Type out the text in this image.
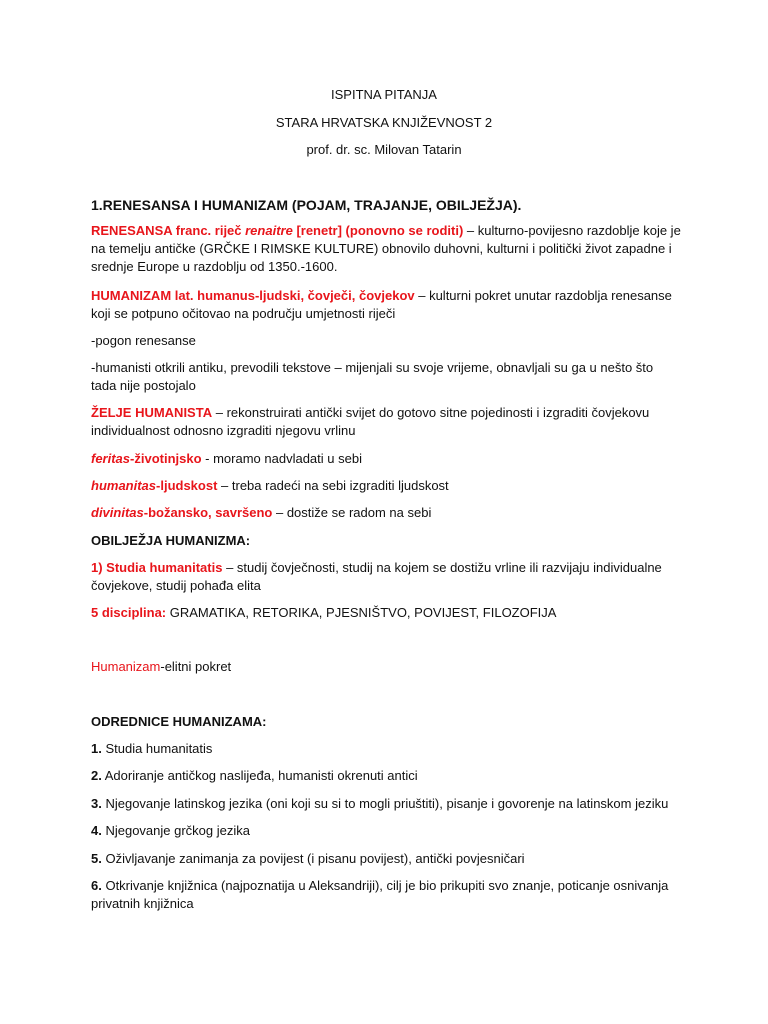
ISPITNA PITANJA
STARA HRVATSKA KNJIŽEVNOST 2
prof. dr. sc. Milovan Tatarin

1.RENESANSA I HUMANIZAM (POJAM, TRAJANJE, OBILJEŽJA).

RENESANSA franc. riječ renaitre [renetr] (ponovno se roditi) – kulturno-povijesno razdoblje koje je na temelju antičke (GRČKE I RIMSKE KULTURE) obnovilo duhovni, kulturni i politički život zapadne i srednje Europe u razdoblju od 1350.-1600.

HUMANIZAM lat. humanus-ljudski, čovječi, čovjekov – kulturni pokret unutar razdoblja renesanse koji se potpuno očitovao na području umjetnosti riječi

-pogon renesanse

-humanisti otkrili antiku, prevodili tekstove – mijenjali su svoje vrijeme, obnavljali su ga u nešto što tada nije postojalo

ŽELJE HUMANISTA – rekonstruirati antički svijet do gotovo sitne pojedinosti i izgraditi čovjekovu individualnost odnosno izgraditi njegovu vrlinu

feritas-životinjsko - moramo nadvladati u sebi

humanitas-ljudskost – treba radeći na sebi izgraditi ljudskost

divinitas-božansko, savršeno – dostiže se radom na sebi

OBILJEŽJA HUMANIZMA:

1) Studia humanitatis – studij čovječnosti, studij na kojem se dostižu vrline ili razvijaju individualne čovjekove, studij pohađa elita

5 disciplina: GRAMATIKA, RETORIKA, PJESNIŠTVO, POVIJEST, FILOZOFIJA

Humanizam-elitni pokret

ODREDNICE HUMANIZAMA:

1. Studia humanitatis

2. Adoriranje antičkog naslijeđa, humanisti okrenuti antici

3. Njegovanje latinskog jezika (oni koji su si to mogli priuštiti), pisanje i govorenje na latinskom jeziku

4. Njegovanje grčkog jezika

5. Oživljavanje zanimanja za povijest (i pisanu povijest), antički povjesničari

6. Otkrivanje knjižnica (najpoznatija u Aleksandriji), cilj je bio prikupiti svo znanje, poticanje osnivanja privatnih knjižnica
